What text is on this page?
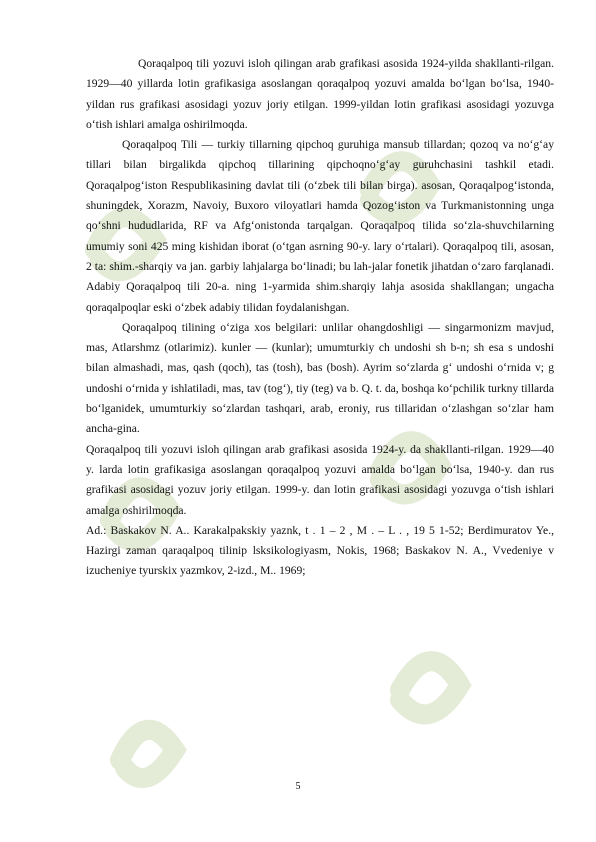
Qoraqalpoq tili yozuvi isloh qilingan arab grafikasi asosida 1924-yilda shakllanti-rilgan. 1929—40 yillarda lotin grafikasiga asoslangan qoraqalpoq yozuvi amalda bo‘lgan bo‘lsa, 1940-yildan rus grafikasi asosidagi yozuv joriy etilgan. 1999-yildan lotin grafikasi asosidagi yozuvga o‘tish ishlari amalga oshirilmoqda.

Qoraqalpoq Tili — turkiy tillarning qipchoq guruhiga mansub tillardan; qozoq va no‘g‘ay tillari bilan birgalikda qipchoq tillarining qipchoqno‘g‘ay guruhchasini tashkil etadi. Qoraqalpog‘iston Respublikasining davlat tili (o‘zbek tili bilan birga). asosan, Qoraqalpog‘istonda, shuningdek, Xorazm, Navoiy, Buxoro viloyatlari hamda Qozog‘iston va Turkmanistonning unga qo‘shni hududlarida, RF va Afg‘onistonda tarqalgan. Qoraqalpoq tilida so‘zla-shuvchilarning umumiy soni 425 ming kishidan iborat (o‘tgan asrning 90-y. lary o‘rtalari). Qoraqalpoq tili, asosan, 2 ta: shim.-sharqiy va jan. garbiy lahjalarga bo‘linadi; bu lah-jalar fonetik jihatdan o‘zaro farqlanadi. Adabiy Qoraqalpoq tili 20-a. ning 1-yarmida shim.sharqiy lahja asosida shakllangan; ungacha qoraqalpoqlar eski o‘zbek adabiy tilidan foydalanishgan.

Qoraqalpoq tilining o‘ziga xos belgilari: unlilar ohangdoshligi — singarmonizm mavjud, mas, Atlarshmz (otlarimiz). kunler — (kunlar); umumturkiy ch undoshi sh b-n; sh esa s undoshi bilan almashadi, mas, qash (qoch), tas (tosh), bas (bosh). Ayrim so‘zlarda g‘ undoshi o‘rnida v; g undoshi o‘rnida y ishlatiladi, mas, tav (tog‘), tiy (teg) va b. Q. t. da, boshqa ko‘pchilik turkny tillarda bo‘lganidek, umumturkiy so‘zlardan tashqari, arab, eroniy, rus tillaridan o‘zlashgan so‘zlar ham ancha-gina.

Qoraqalpoq tili yozuvi isloh qilingan arab grafikasi asosida 1924-y. da shakllanti-rilgan. 1929—40 y. larda lotin grafikasiga asoslangan qoraqalpoq yozuvi amalda bo‘lgan bo‘lsa, 1940-y. dan rus grafikasi asosidagi yozuv joriy etilgan. 1999-y. dan lotin grafikasi asosidagi yozuvga o‘tish ishlari amalga oshirilmoqda.

Ad.: Baskakov N. A.. Karakalpakskiy yaznk, t . 1 – 2 , M . – L . , 19 5 1-52; Berdimuratov Ye., Hazirgi zaman qaraqalpoq tilinip lsksikologiyasm, Nokis, 1968; Baskakov N. A., Vvedeniye v izucheniye tyurskix yazmkov, 2-izd., M.. 1969;

5
